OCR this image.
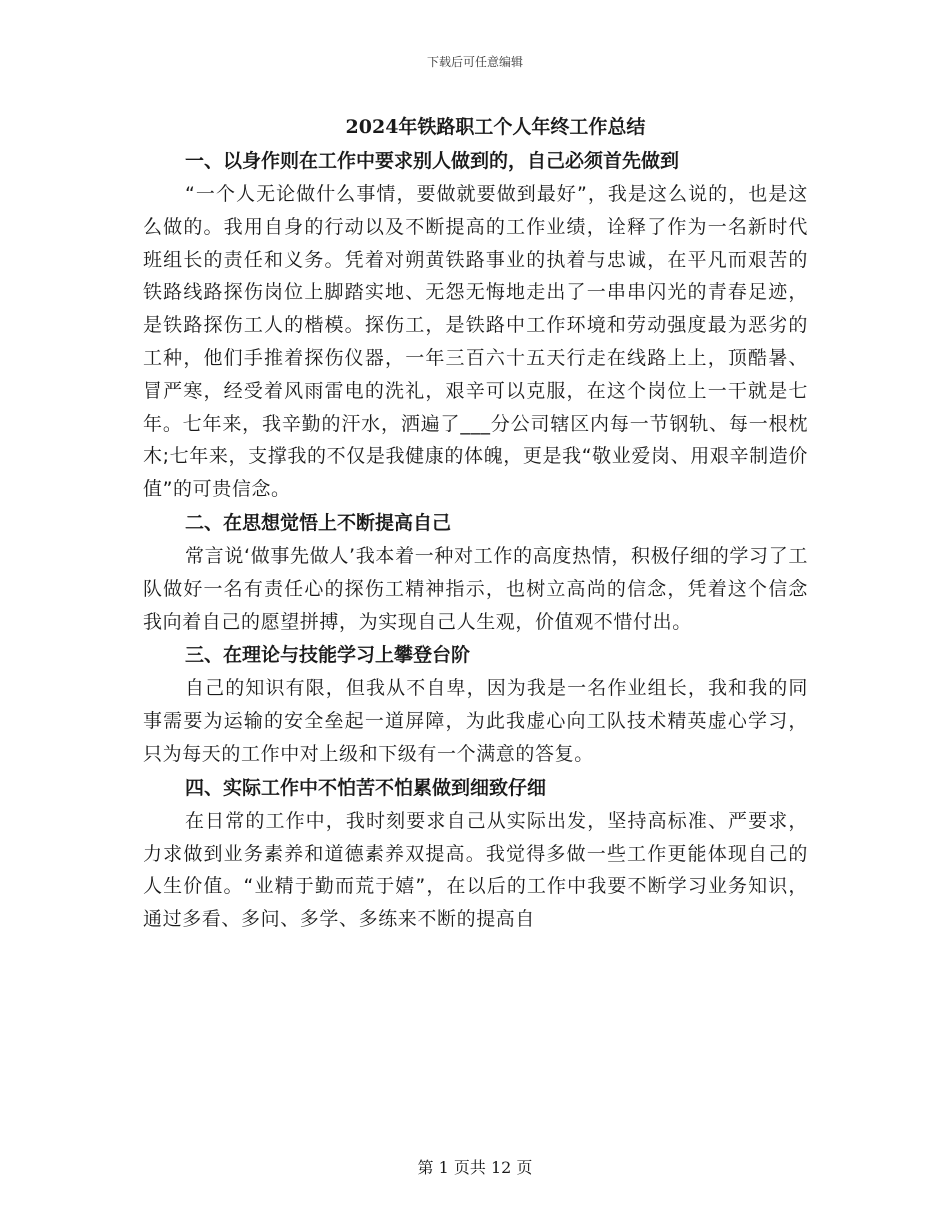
下载后可任意编辑
2024年铁路职工个人年终工作总结
一、以身作则在工作中要求别人做到的，自己必须首先做到

“一个人无论做什么事情，要做就要做到最好”，我是这么说的，也是这么做的。我用自身的行动以及不断提高的工作业绩，诠释了作为一名新时代班组长的责任和义务。凭着对朔黄铁路事业的执着与忠诚，在平凡而艰苦的铁路线路探伤岗位上脚踏实地、无怨无悔地走出了一串串闪光的青春足迹，是铁路探伤工人的楷模。探伤工，是铁路中工作环境和劳动强度最为恶劣的工种，他们手推着探伤仪器，一年三百六十五天行走在线路上上，顶酷暑、冒严寒，经受着风雨雷电的洗礼，艰辛可以克服，在这个岗位上一干就是七年。七年来，我辛勤的汗水，洒遍了___分公司辖区内每一节钢轨、每一根枕木;七年来，支撑我的不仅是我健康的体魄，更是我“敬业爱岗、用艰辛制造价值”的可贵信念。

二、在思想觉悟上不断提高自己

常言说‘做事先做人’我本着一种对工作的高度热情，积极仔细的学习了工队做好一名有责任心的探伤工精神指示，也树立高尚的信念，凭着这个信念我向着自己的愿望拼搏，为实现自己人生观，价值观不惜付出。

三、在理论与技能学习上攀登台阶

自己的知识有限，但我从不自卑，因为我是一名作业组长，我和我的同事需要为运输的安全垒起一道屏障，为此我虚心向工队技术精英虚心学习，只为每天的工作中对上级和下级有一个满意的答复。

四、实际工作中不怕苦不怕累做到细致仔细

在日常的工作中，我时刻要求自己从实际出发，坚持高标准、严要求，力求做到业务素养和道德素养双提高。我觉得多做一些工作更能体现自己的人生价值。“业精于勤而荒于嬉”，在以后的工作中我要不断学习业务知识，通过多看、多问、多学、多练来不断的提高自

第 1 页共 12 页
